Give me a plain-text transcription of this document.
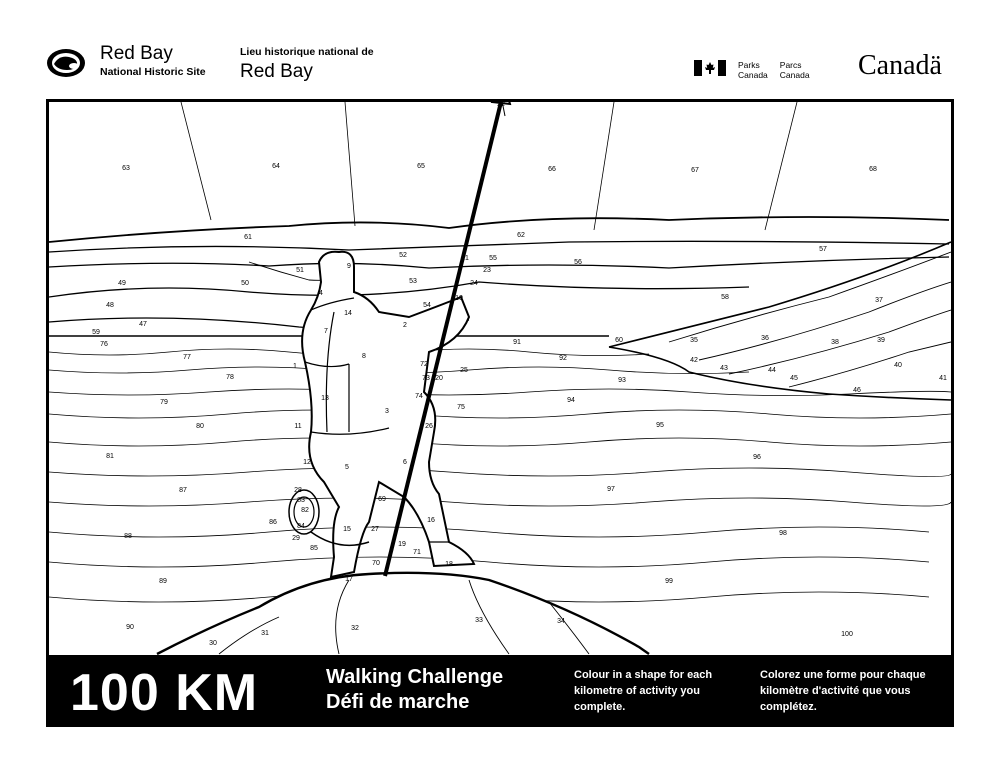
Red Bay
National Historic Site
Lieu historique national de
Red Bay	Parks
Canada
Parcs
Canada Canadä
1
2
3
4
5
6
7
8
9
10
11
12
13
14
15
16
17
18
19
20
21
22
23
24
25
26
27
28
29
30
31
32
33	34
35	36
37
38	39
40
41
42
43	44
45
46
47
48
49	50
51
52
53
54
55
56
57
58
59
60
61	62
63	64	65	66	67	68
69
70
71
72
73
74
75
76
77
78
79
80
81
82
83
84
85
86
87
88
89
90
91
92
93
94
95
96
97
98
99
100
100 KM	Walking Challenge
Défi de marche
Colour in a shape for each kilometre of activity you complete.
Colorez une forme pour chaque kilomètre d'activité que vous complétez.
